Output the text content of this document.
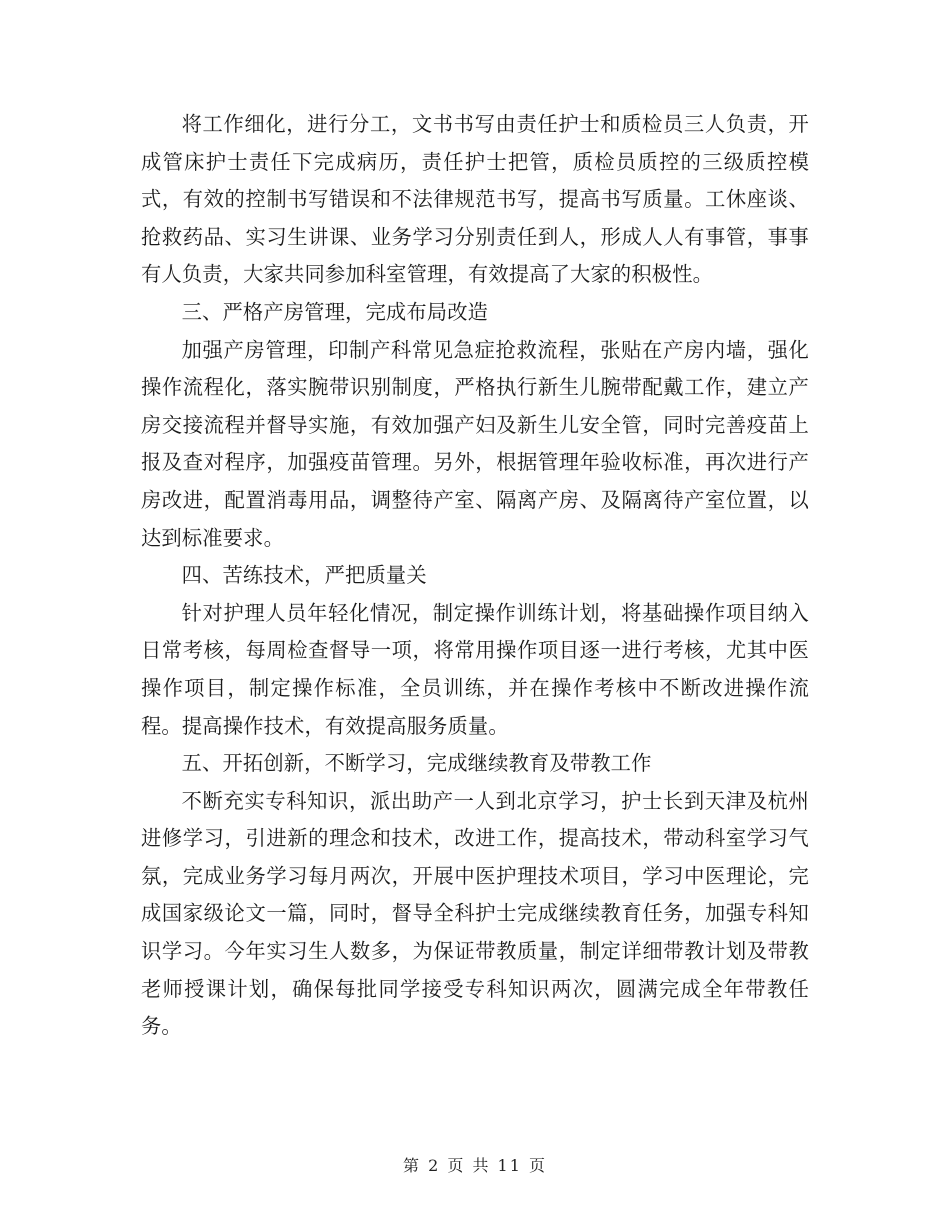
将工作细化，进行分工，文书书写由责任护士和质检员三人负责，开成管床护士责任下完成病历，责任护士把管，质检员质控的三级质控模式，有效的控制书写错误和不法律规范书写，提高书写质量。工休座谈、抢救药品、实习生讲课、业务学习分别责任到人，形成人人有事管，事事有人负责，大家共同参加科室管理，有效提高了大家的积极性。

三、严格产房管理，完成布局改造

加强产房管理，印制产科常见急症抢救流程，张贴在产房内墙，强化操作流程化，落实腕带识别制度，严格执行新生儿腕带配戴工作，建立产房交接流程并督导实施，有效加强产妇及新生儿安全管，同时完善疫苗上报及查对程序，加强疫苗管理。另外，根据管理年验收标准，再次进行产房改进，配置消毒用品，调整待产室、隔离产房、及隔离待产室位置，以达到标准要求。

四、苦练技术，严把质量关

针对护理人员年轻化情况，制定操作训练计划，将基础操作项目纳入日常考核，每周检查督导一项，将常用操作项目逐一进行考核，尤其中医操作项目，制定操作标准，全员训练，并在操作考核中不断改进操作流程。提高操作技术，有效提高服务质量。

五、开拓创新，不断学习，完成继续教育及带教工作

不断充实专科知识，派出助产一人到北京学习，护士长到天津及杭州进修学习，引进新的理念和技术，改进工作，提高技术，带动科室学习气氛，完成业务学习每月两次，开展中医护理技术项目，学习中医理论，完成国家级论文一篇，同时，督导全科护士完成继续教育任务，加强专科知识学习。今年实习生人数多，为保证带教质量，制定详细带教计划及带教老师授课计划，确保每批同学接受专科知识两次，圆满完成全年带教任务。

第 2 页 共 11 页
